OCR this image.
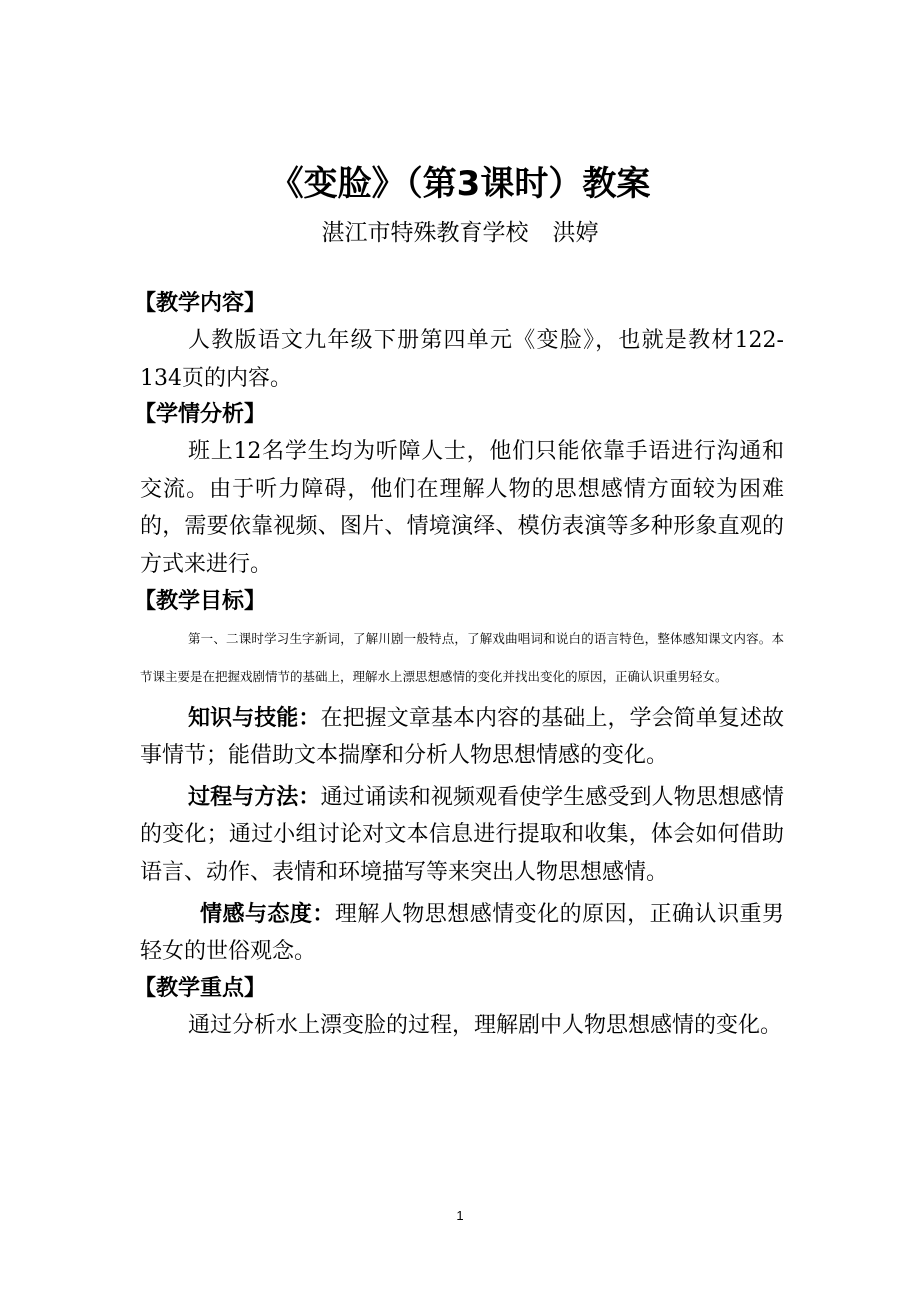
《变脸》（第3课时）教案
湛江市特殊教育学校 洪婷
【教学内容】

人教版语文九年级下册第四单元《变脸》，也就是教材122-134页的内容。

【学情分析】

班上12名学生均为听障人士，他们只能依靠手语进行沟通和交流。由于听力障碍，他们在理解人物的思想感情方面较为困难的，需要依靠视频、图片、情境演绎、模仿表演等多种形象直观的方式来进行。

【教学目标】

第一、二课时学习生字新词，了解川剧一般特点，了解戏曲唱词和说白的语言特色，整体感知课文内容。本节课主要是在把握戏剧情节的基础上，理解水上漂思想感情的变化并找出变化的原因，正确认识重男轻女。

知识与技能：在把握文章基本内容的基础上，学会简单复述故事情节；能借助文本揣摩和分析人物思想情感的变化。

过程与方法：通过诵读和视频观看使学生感受到人物思想感情的变化；通过小组讨论对文本信息进行提取和收集，体会如何借助语言、动作、表情和环境描写等来突出人物思想感情。

情感与态度：理解人物思想感情变化的原因，正确认识重男轻女的世俗观念。

【教学重点】

通过分析水上漂变脸的过程，理解剧中人物思想感情的变化。

1
